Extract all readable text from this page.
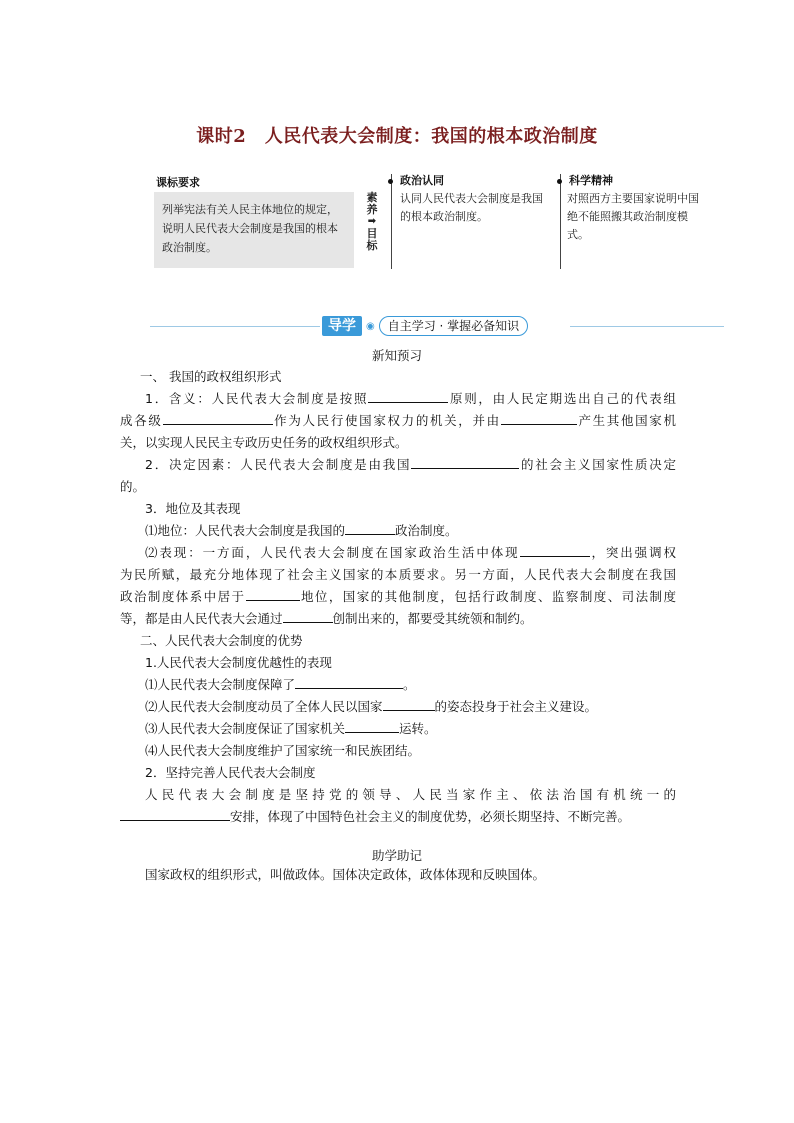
课时2　人民代表大会制度：我国的根本政治制度
课标要求
列举宪法有关人民主体地位的规定，说明人民代表大会制度是我国的根本政治制度。
素养
➡
目标
政治认同
认同人民代表大会制度是我国的根本政治制度。
科学精神
对照西方主要国家说明中国绝不能照搬其政治制度模式。
导学	◉	自主学习 · 掌握必备知识
新知预习

一、 我国的政权组织形式

1．含义：人民代表大会制度是按照	原则，由人民定期选出自己的代表组

成各级	作为人民行使国家权力的机关，并由	产生其他国家机

关，以实现人民民主专政历史任务的政权组织形式。

2．决定因素：人民代表大会制度是由我国	的社会主义国家性质决定

的。

3．地位及其表现

⑴地位：人民代表大会制度是我国的	政治制度。

⑵表现：一方面，人民代表大会制度在国家政治生活中体现	，突出强调权

为民所赋，最充分地体现了社会主义国家的本质要求。另一方面，人民代表大会制度在我国

政治制度体系中居于	地位，国家的其他制度，包括行政制度、监察制度、司法制度

等，都是由人民代表大会通过	创制出来的，都要受其统领和制约。

二、人民代表大会制度的优势

1.人民代表大会制度优越性的表现

⑴人民代表大会制度保障了	。

⑵人民代表大会制度动员了全体人民以国家	的姿态投身于社会主义建设。

⑶人民代表大会制度保证了国家机关	运转。

⑷人民代表大会制度维护了国家统一和民族团结。

2．坚持完善人民代表大会制度

人民代表大会制度是坚持党的领导、人民当家作主、依法治国有机统一的

安排，体现了中国特色社会主义的制度优势，必须长期坚持、不断完善。

助学助记

国家政权的组织形式，叫做政体。国体决定政体，政体体现和反映国体。
